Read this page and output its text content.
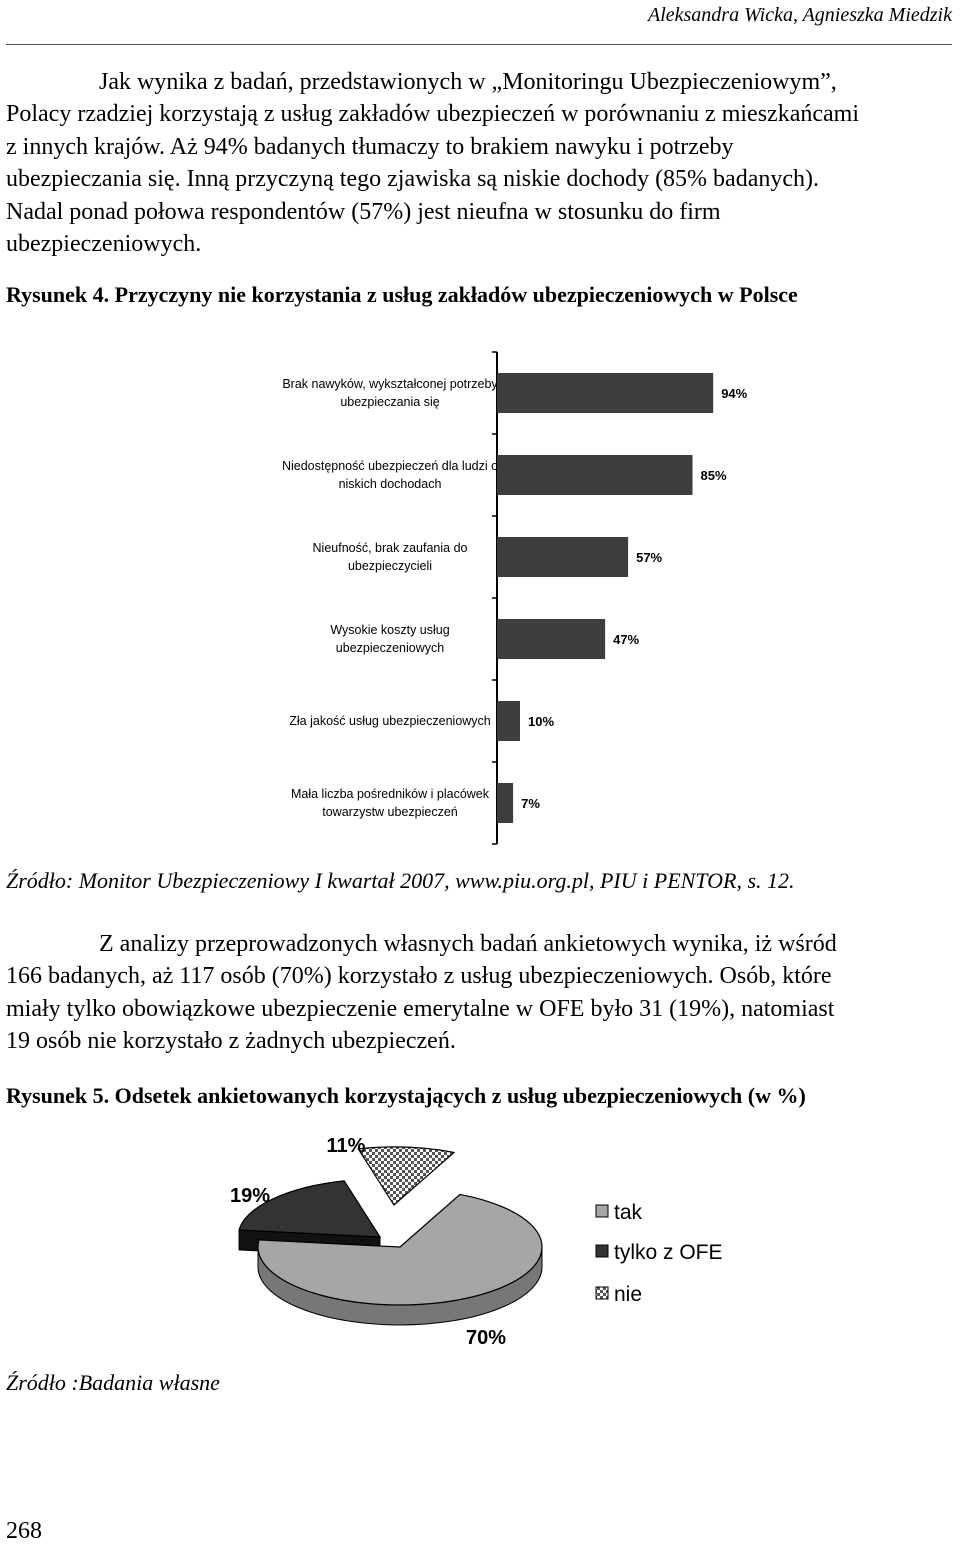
Aleksandra Wicka, Agnieszka Miedzik

Jak wynika z badań, przedstawionych w „Monitoringu Ubezpieczeniowym”,
Polacy rzadziej korzystają z usług zakładów ubezpieczeń w porównaniu z mieszkańcami
z innych krajów. Aż 94% badanych tłumaczy to brakiem nawyku i potrzeby
ubezpieczania się. Inną przyczyną tego zjawiska są niskie dochody (85% badanych).
Nadal ponad połowa respondentów (57%) jest nieufna w stosunku do firm
ubezpieczeniowych.

Rysunek 4. Przyczyny nie korzystania z usług zakładów ubezpieczeniowych w Polsce
Brak nawyków, wykształconej potrzeby ubezpieczania się
94%
Niedostępność ubezpieczeń dla ludzi o niskich dochodach
85%
Nieufność, brak zaufania do ubezpieczycieli
57%
Wysokie koszty usług ubezpieczeniowych
47%
Zła jakość usług ubezpieczeniowych	10%
Mała liczba pośredników i placówek towarzystw ubezpieczeń
7%
Źródło: Monitor Ubezpieczeniowy I kwartał 2007, www.piu.org.pl, PIU i PENTOR, s. 12.

Z analizy przeprowadzonych własnych badań ankietowych wynika, iż wśród
166 badanych, aż 117 osób (70%) korzystało z usług ubezpieczeniowych. Osób, które
miały tylko obowiązkowe ubezpieczenie emerytalne w OFE było 31 (19%), natomiast
19 osób nie korzystało z żadnych ubezpieczeń.

Rysunek 5. Odsetek ankietowanych korzystających z usług ubezpieczeniowych (w %)
70%
19%
11%
tak
tylko z OFE
nie
Źródło :Badania własne
268
